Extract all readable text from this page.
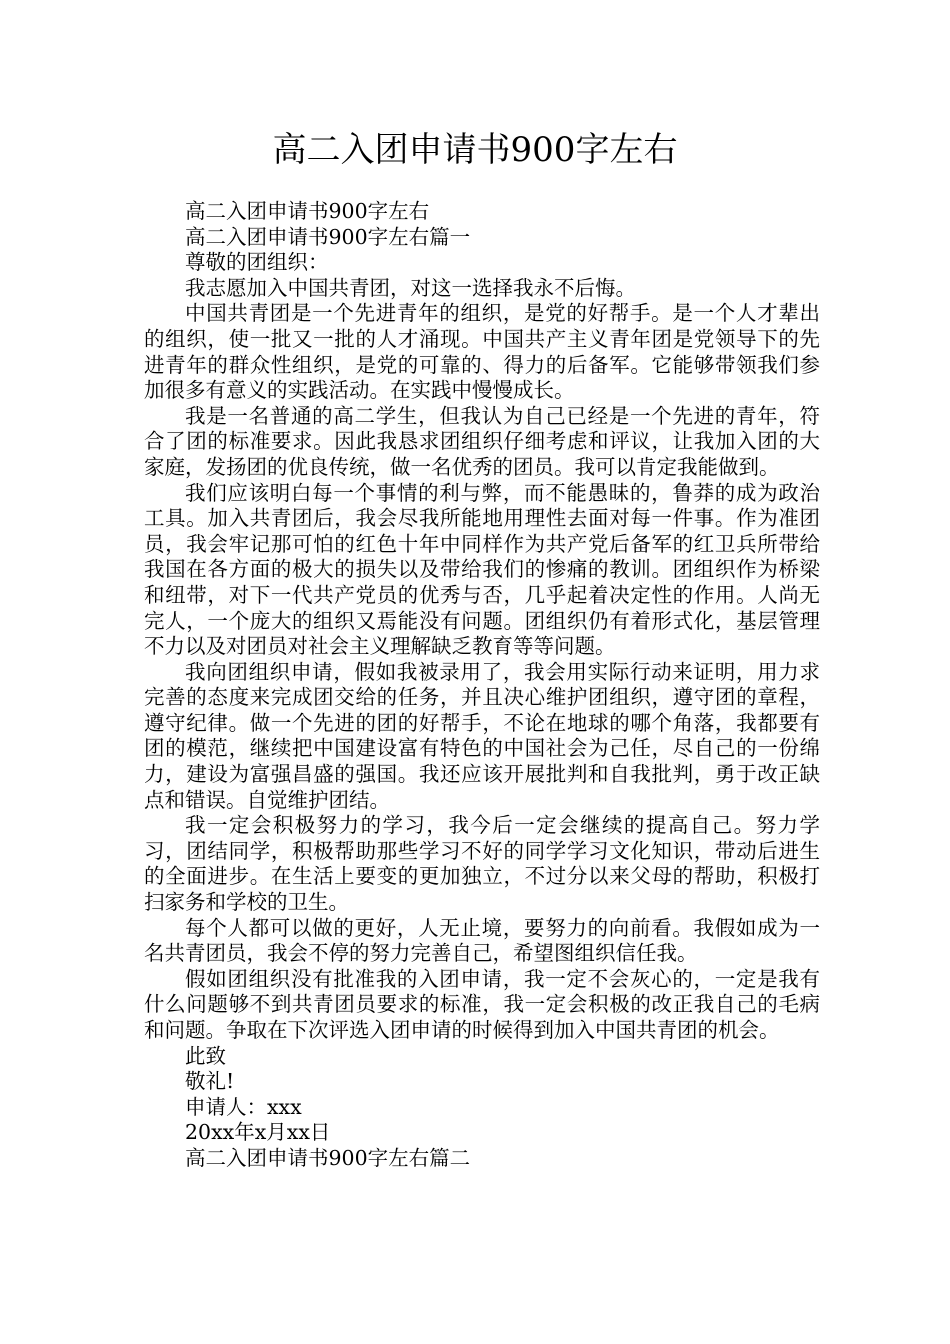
高二入团申请书900字左右

高二入团申请书900字左右

高二入团申请书900字左右篇一

尊敬的团组织：

我志愿加入中国共青团，对这一选择我永不后悔。

中国共青团是一个先进青年的组织，是党的好帮手。是一个人才辈出的组织，使一批又一批的人才涌现。中国共产主义青年团是党领导下的先进青年的群众性组织，是党的可靠的、得力的后备军。它能够带领我们参加很多有意义的实践活动。在实践中慢慢成长。

我是一名普通的高二学生，但我认为自己已经是一个先进的青年，符合了团的标准要求。因此我恳求团组织仔细考虑和评议，让我加入团的大家庭，发扬团的优良传统，做一名优秀的团员。我可以肯定我能做到。

我们应该明白每一个事情的利与弊，而不能愚昧的，鲁莽的成为政治工具。加入共青团后，我会尽我所能地用理性去面对每一件事。作为准团员，我会牢记那可怕的红色十年中同样作为共产党后备军的红卫兵所带给我国在各方面的极大的损失以及带给我们的惨痛的教训。团组织作为桥梁和纽带，对下一代共产党员的优秀与否，几乎起着决定性的作用。人尚无完人，一个庞大的组织又焉能没有问题。团组织仍有着形式化，基层管理不力以及对团员对社会主义理解缺乏教育等等问题。

我向团组织申请，假如我被录用了，我会用实际行动来证明，用力求完善的态度来完成团交给的任务，并且决心维护团组织，遵守团的章程，遵守纪律。做一个先进的团的好帮手，不论在地球的哪个角落，我都要有团的模范，继续把中国建设富有特色的中国社会为己任，尽自己的一份绵力，建设为富强昌盛的强国。我还应该开展批判和自我批判，勇于改正缺点和错误。自觉维护团结。

我一定会积极努力的学习，我今后一定会继续的提高自己。努力学习，团结同学，积极帮助那些学习不好的同学学习文化知识，带动后进生的全面进步。在生活上要变的更加独立，不过分以来父母的帮助，积极打扫家务和学校的卫生。

每个人都可以做的更好，人无止境，要努力的向前看。我假如成为一名共青团员，我会不停的努力完善自己，希望图组织信任我。

假如团组织没有批准我的入团申请，我一定不会灰心的，一定是我有什么问题够不到共青团员要求的标准，我一定会积极的改正我自己的毛病和问题。争取在下次评选入团申请的时候得到加入中国共青团的机会。

此致

敬礼!

申请人：xxx

20xx年x月xx日

高二入团申请书900字左右篇二
